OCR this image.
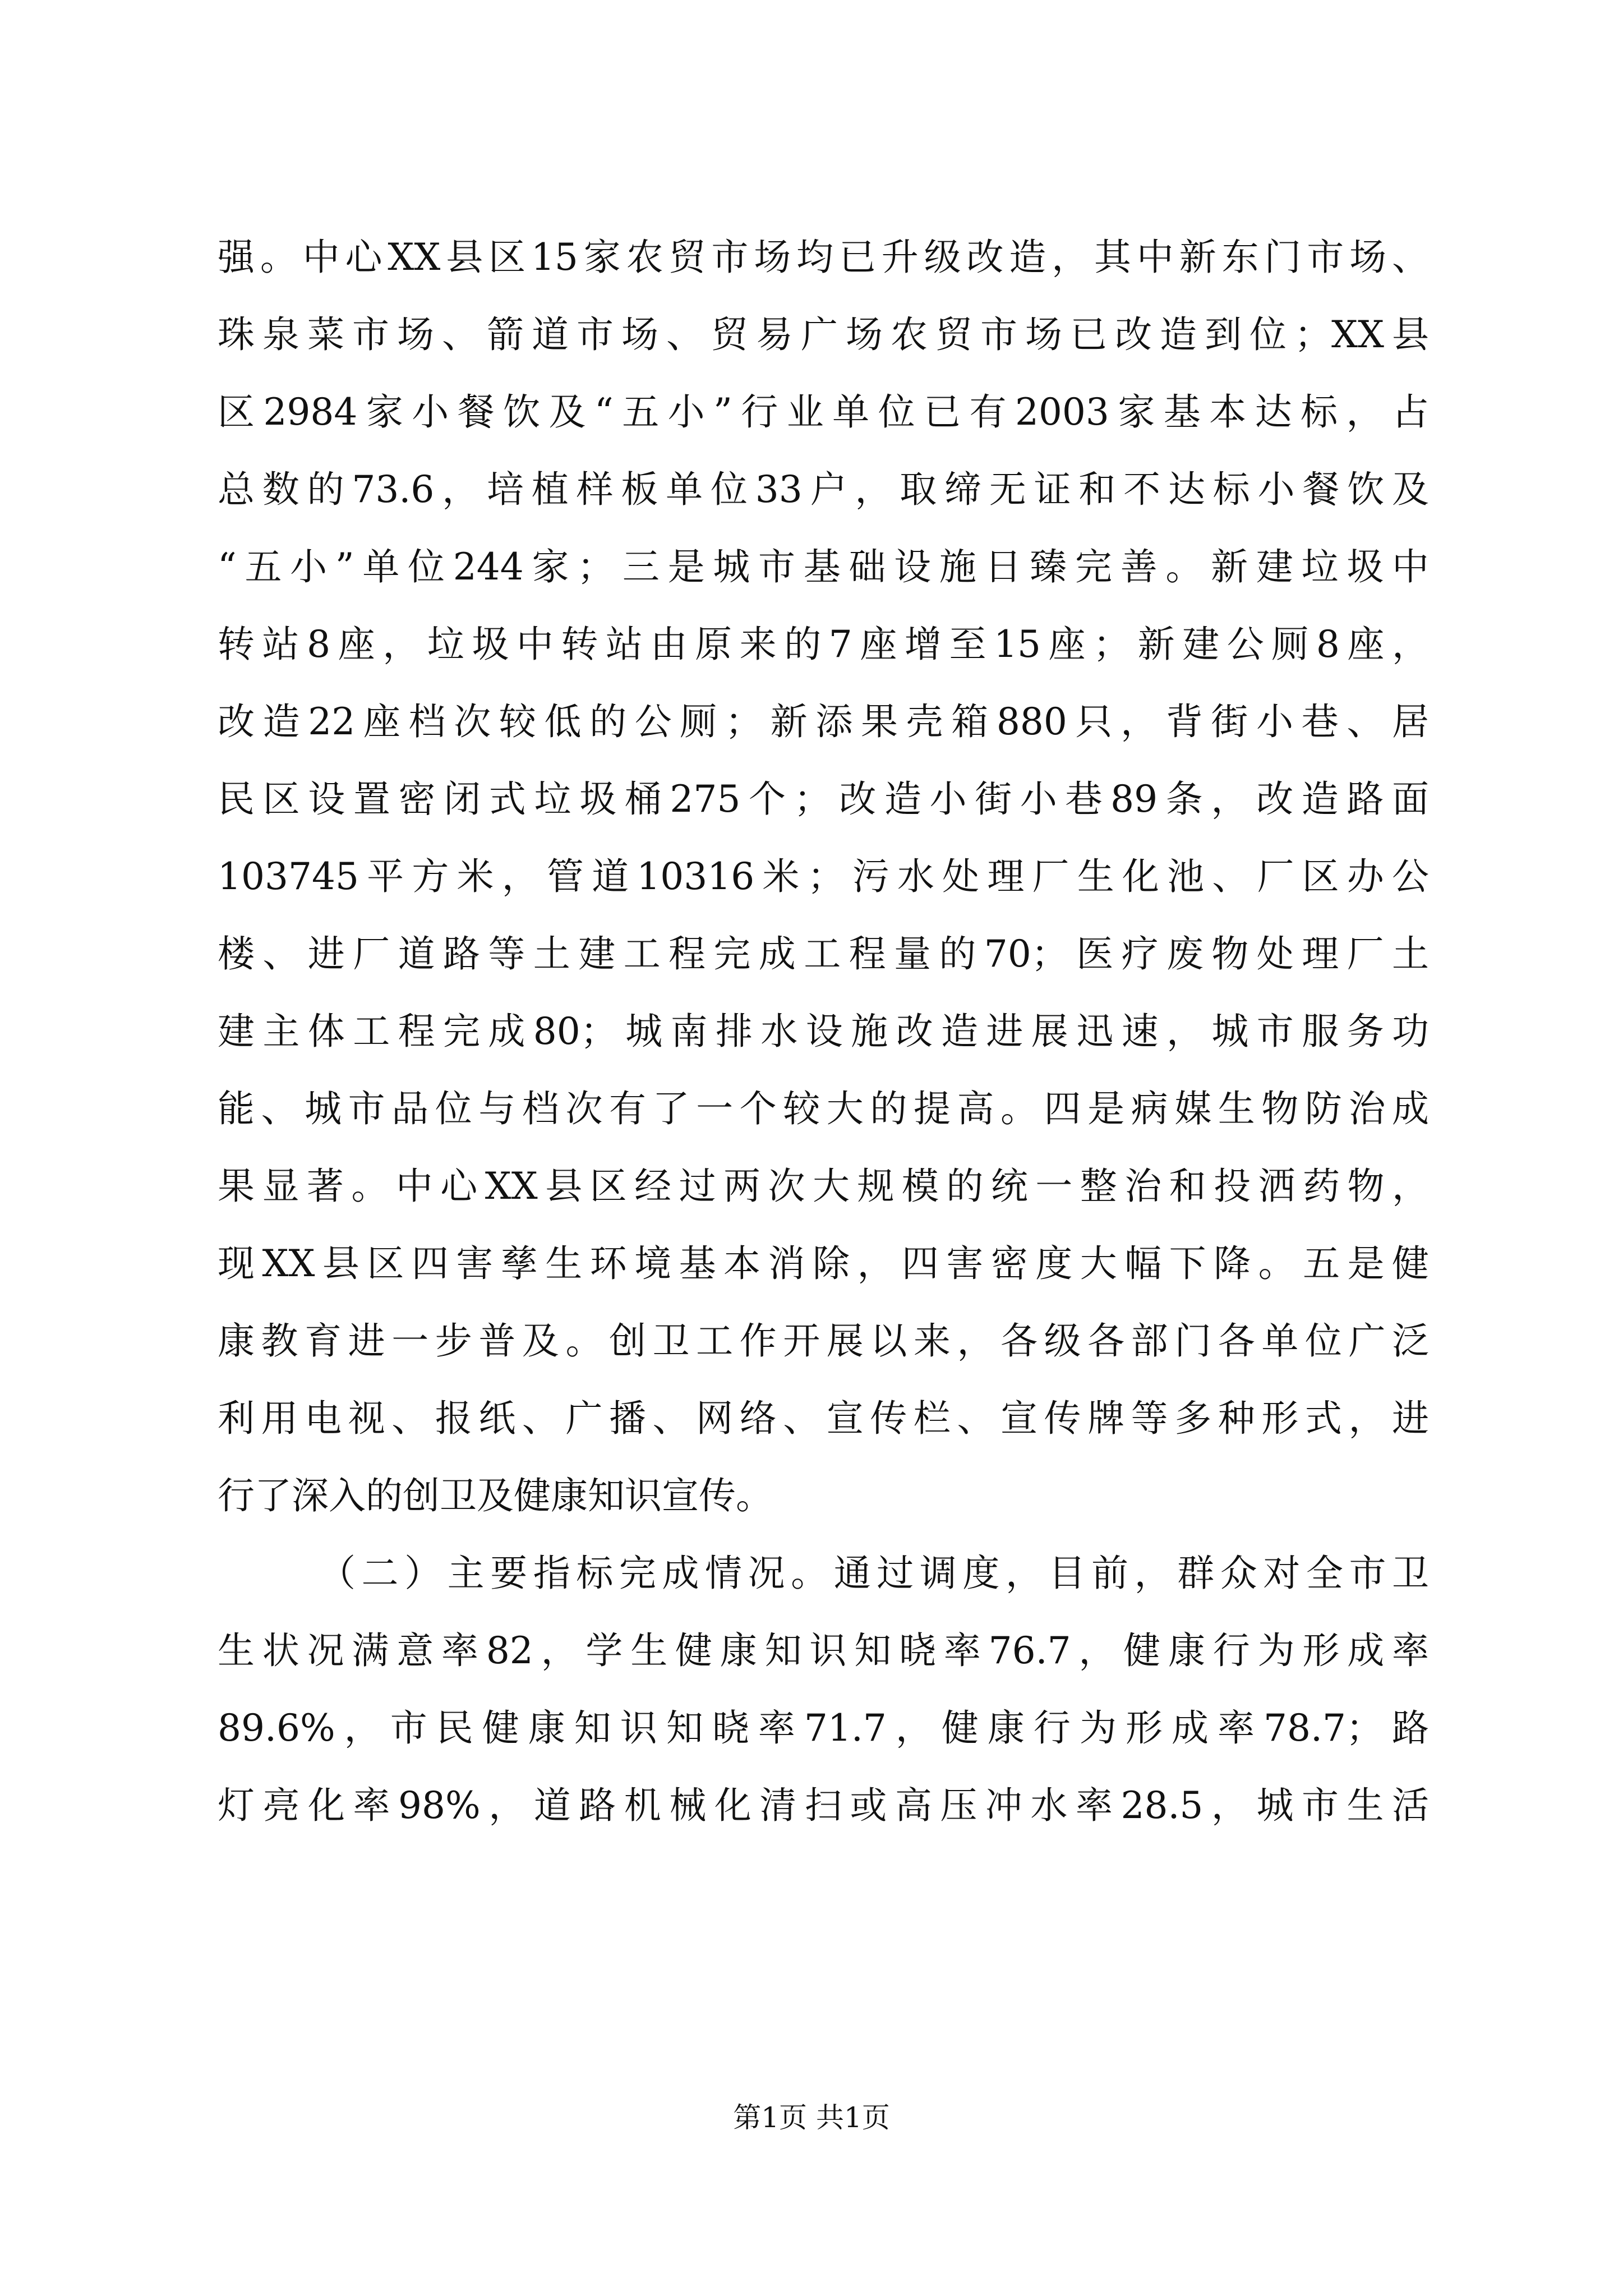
强。中心XX县区15家农贸市场均已升级改造，其中新东门市场、
珠泉菜市场、箭道市场、贸易广场农贸市场已改造到位；XX县
区2984家小餐饮及“五小”行业单位已有2003家基本达标，占
总数的73.6，培植样板单位33户，取缔无证和不达标小餐饮及
“五小”单位244家；三是城市基础设施日臻完善。新建垃圾中
转站8座，垃圾中转站由原来的7座增至15座；新建公厕8座，
改造22座档次较低的公厕；新添果壳箱880只，背街小巷、居
民区设置密闭式垃圾桶275个；改造小街小巷89条，改造路面
103745平方米，管道10316米；污水处理厂生化池、厂区办公
楼、进厂道路等土建工程完成工程量的70；医疗废物处理厂土
建主体工程完成80；城南排水设施改造进展迅速，城市服务功
能、城市品位与档次有了一个较大的提高。四是病媒生物防治成
果显著。中心XX县区经过两次大规模的统一整治和投洒药物，
现XX县区四害孳生环境基本消除，四害密度大幅下降。五是健
康教育进一步普及。创卫工作开展以来，各级各部门各单位广泛
利用电视、报纸、广播、网络、宣传栏、宣传牌等多种形式，进
行了深入的创卫及健康知识宣传。
（二）主要指标完成情况。通过调度，目前，群众对全市卫
生状况满意率82，学生健康知识知晓率76.7，健康行为形成率
89.6%，市民健康知识知晓率71.7，健康行为形成率78.7；路
灯亮化率98%，道路机械化清扫或高压冲水率28.5，城市生活
第1页 共1页
